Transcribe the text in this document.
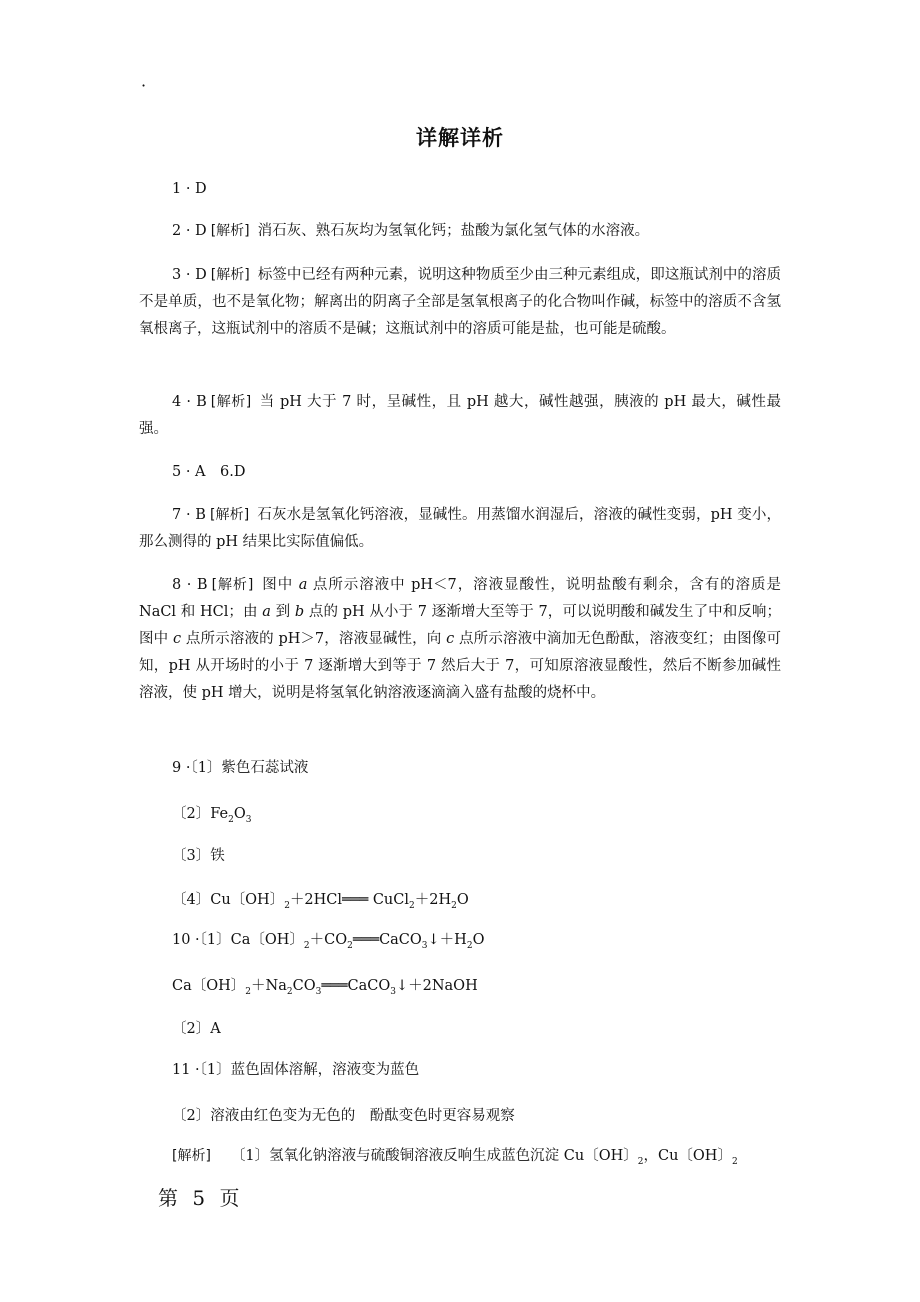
·
详解详析
1 · D
2 · D [解析] 消石灰、熟石灰均为氢氧化钙；盐酸为氯化氢气体的水溶液。
3 · D [解析] 标签中已经有两种元素，说明这种物质至少由三种元素组成，即这瓶试剂中的溶质不是单质，也不是氧化物；解离出的阴离子全部是氢氧根离子的化合物叫作碱，标签中的溶质不含氢氧根离子，这瓶试剂中的溶质不是碱；这瓶试剂中的溶质可能是盐，也可能是硫酸。
4 · B [解析] 当 pH 大于 7 时，呈碱性，且 pH 越大，碱性越强，胰液的 pH 最大，碱性最强。
5 · A　6.D
7 · B [解析] 石灰水是氢氧化钙溶液，显碱性。用蒸馏水润湿后，溶液的碱性变弱，pH 变小，那么测得的 pH 结果比实际值偏低。
8 · B [解析] 图中 a 点所示溶液中 pH＜7，溶液显酸性，说明盐酸有剩余，含有的溶质是 NaCl 和 HCl；由 a 到 b 点的 pH 从小于 7 逐渐增大至等于 7，可以说明酸和碱发生了中和反响；图中 c 点所示溶液的 pH＞7，溶液显碱性，向 c 点所示溶液中滴加无色酚酞，溶液变红；由图像可知，pH 从开场时的小于 7 逐渐增大到等于 7 然后大于 7，可知原溶液显酸性，然后不断参加碱性溶液，使 pH 增大，说明是将氢氧化钠溶液逐滴滴入盛有盐酸的烧杯中。
9 ·〔1〕紫色石蕊试液
〔2〕$Fe_2O_3$
〔3〕铁
〔4〕Cu〔OH〕$_2$＋2HCl═══ $CuCl_2+2H_2O$
10 ·〔1〕Ca〔OH〕$_2+CO_2═══CaCO_3↓+H_2O$
Ca〔OH〕$_2+Na_2CO_3═══CaCO_3↓+2NaOH$
〔2〕A
11 ·〔1〕蓝色固体溶解，溶液变为蓝色
〔2〕溶液由红色变为无色的　酚酞变色时更容易观察
[解析] 〔1〕氢氧化钠溶液与硫酸铜溶液反响生成蓝色沉淀 Cu〔OH〕$_2$，Cu〔OH〕$_2$
第 5 页
